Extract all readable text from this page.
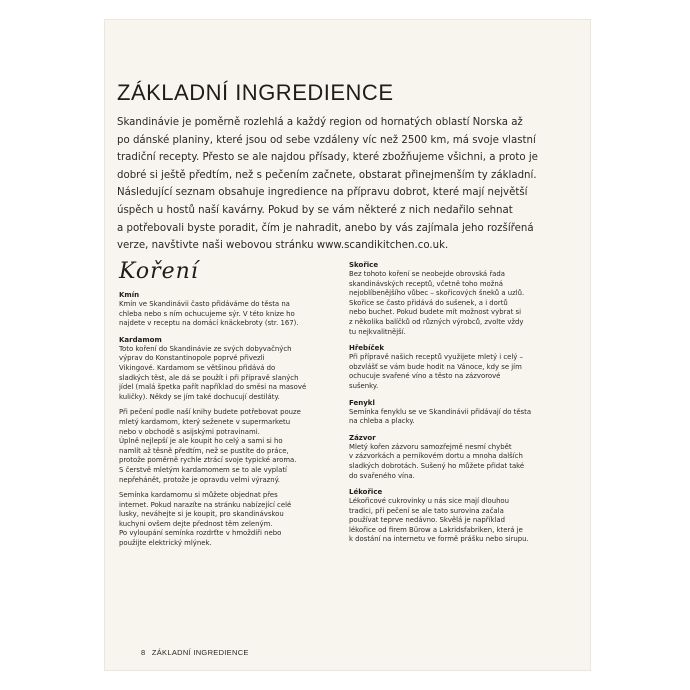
ZÁKLADNÍ INGREDIENCE
Skandinávie je poměrně rozlehlá a každý region od hornatých oblastí Norska až
po dánské planiny, které jsou od sebe vzdáleny víc než 2500 km, má svoje vlastní
tradiční recepty. Přesto se ale najdou přísady, které zbožňujeme všichni, a proto je
dobré si ještě předtím, než s pečením začnete, obstarat přinejmenším ty základní.
Následující seznam obsahuje ingredience na přípravu dobrot, které mají největší
úspěch u hostů naší kavárny. Pokud by se vám některé z nich nedařilo sehnat
a potřebovali byste poradit, čím je nahradit, anebo by vás zajímala jeho rozšířená
verze, navštivte naši webovou stránku www.scandikitchen.co.uk.
Koření
Kmín
Kmín ve Skandinávii často přidáváme do těsta na
chleba nebo s ním ochucujeme sýr. V této knize ho
najdete v receptu na domácí knäckebroty (str. 167).
Kardamom
Toto koření do Skandinávie ze svých dobyvačných
výprav do Konstantinopole poprvé přivezli
Vikingové. Kardamom se většinou přidává do
sladkých těst, ale dá se použít i při přípravě slaných
jídel (malá špetka pařít například do směsi na masové
kuličky). Někdy se jím také dochucují destiláty.
Při pečení podle naší knihy budete potřebovat pouze
mletý kardamom, který seženete v supermarketu
nebo v obchodě s asijskými potravinami.
Úplně nejlepší je ale koupit ho celý a sami si ho
namlít až těsně předtím, než se pustíte do práce,
protože poměrně rychle ztrácí svoje typické aroma.
S čerstvě mletým kardamomem se to ale vyplatí
nepřehánět, protože je opravdu velmi výrazný.
Semínka kardamomu si můžete objednat přes
internet. Pokud narazíte na stránku nabízející celé
lusky, neváhejte si je koupit, pro skandinávskou
kuchyni ovšem dejte přednost těm zeleným.
Po vyloupání semínka rozdrťte v hmoždíři nebo
použijte elektrický mlýnek.
Skořice
Bez tohoto koření se neobejde obrovská řada
skandinávských receptů, včetně toho možná
nejoblíbenějšího vůbec – skořicových šneků a uzlů.
Skořice se často přidává do sušenek, a i dortů
nebo buchet. Pokud budete mít možnost vybrat si
z několika balíčků od různých výrobců, zvolte vždy
tu nejkvalitnější.
Hřebíček
Při přípravě našich receptů využijete mletý i celý –
obzvlášť se vám bude hodit na Vánoce, kdy se jím
ochucuje svařené víno a těsto na zázvorové
sušenky.
Fenykl
Semínka fenyklu se ve Skandinávii přidávají do těsta
na chleba a placky.
Zázvor
Mletý kořen zázvoru samozřejmě nesmí chybět
v zázvorkách a perníkovém dortu a mnoha dalších
sladkých dobrotách. Sušený ho můžete přidat také
do svařeného vína.
Lékořice
Lékořicové cukrovinky u nás sice mají dlouhou
tradici, při pečení se ale tato surovina začala
používat teprve nedávno. Skvělá je například
lékořice od firem Bürow a Lakridsfabriken, která je
k dostání na internetu ve formě prášku nebo sirupu.
8 ZÁKLADNÍ INGREDIENCE
